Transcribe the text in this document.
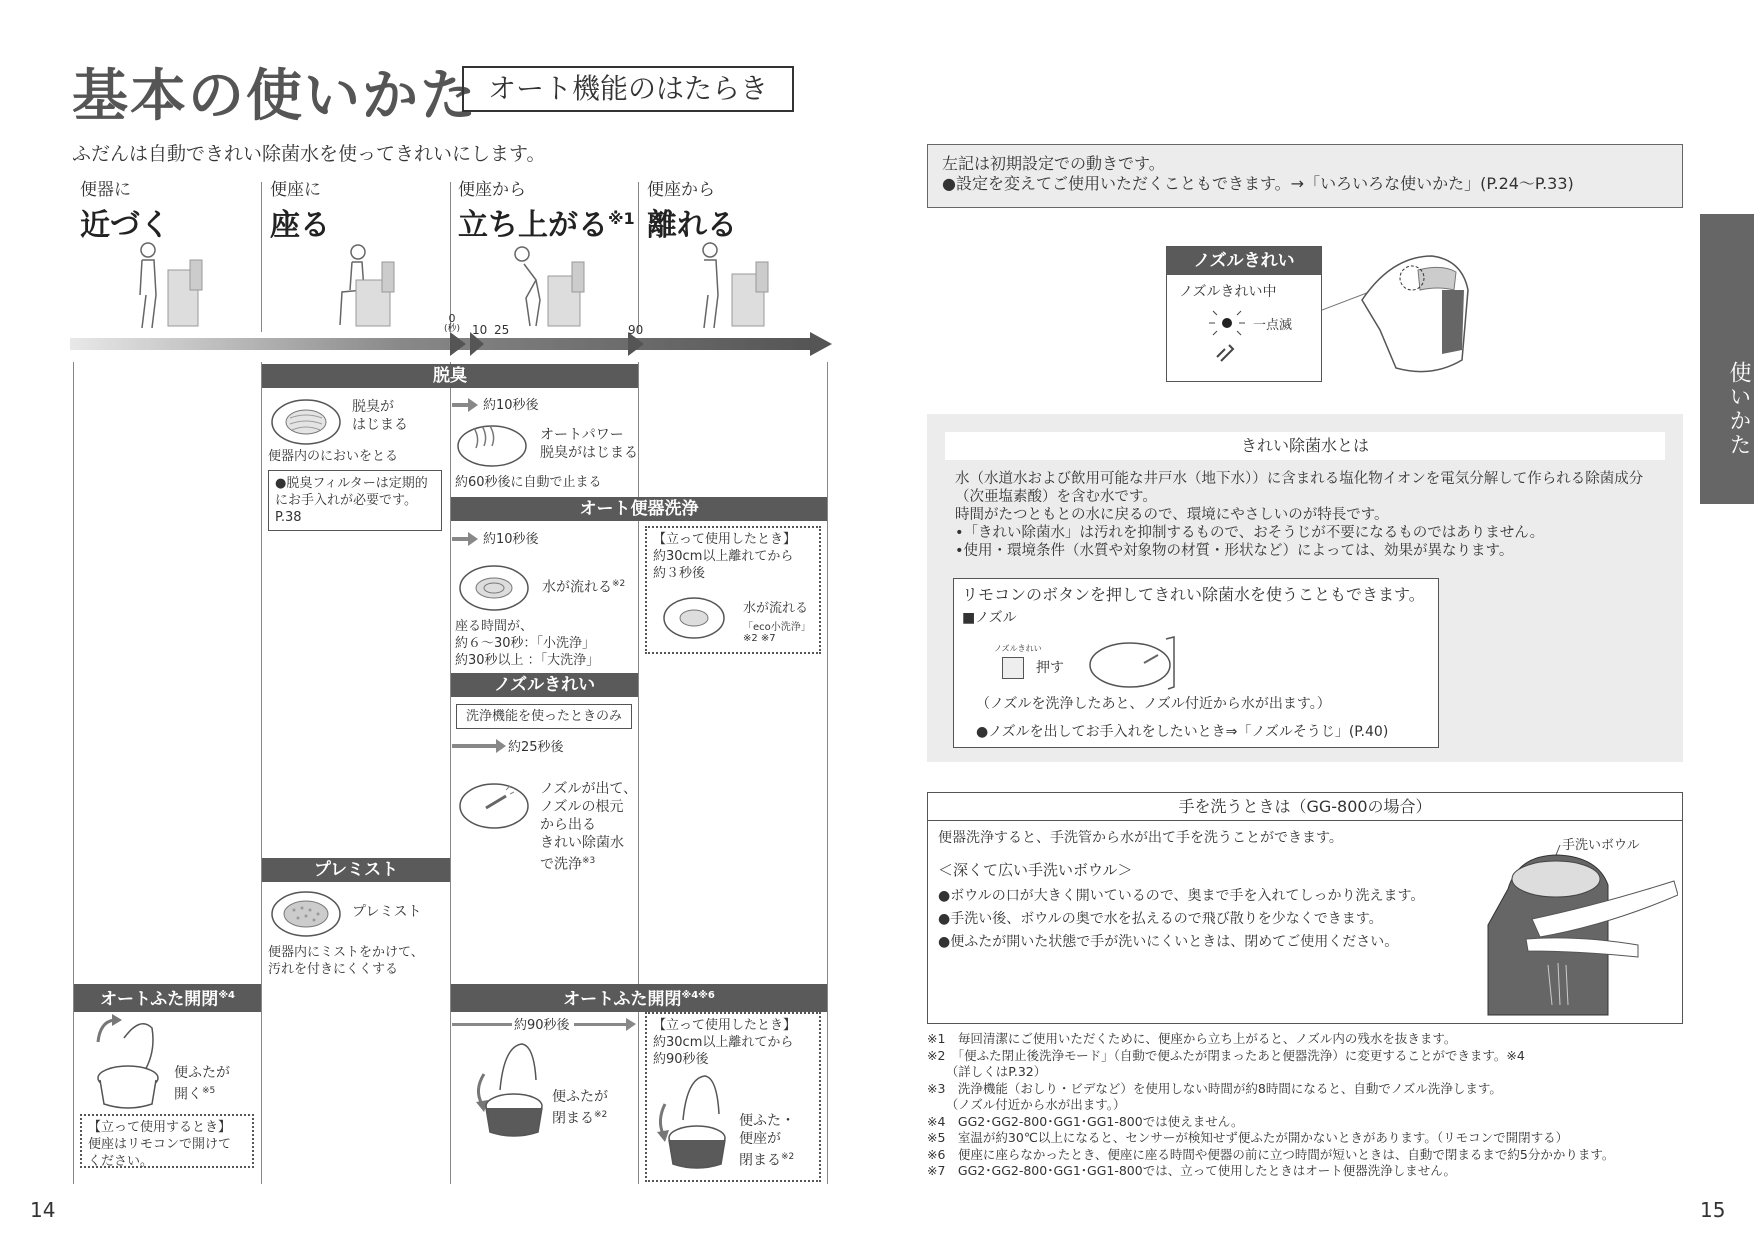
基本の使いかた オート機能のはたらき
ふだんは自動できれい除菌水を使ってきれいにします。
便器に
近づく
便座に
座る
便座から
立ち上がる$^{※1}$
便座から
離れる
0
(秒) 10 25	90
脱臭
脱臭が
はじまる
便器内のにおいをとる
●脱臭フィルターは定期的にお手入れが必要です。P.38
約10秒後
オートパワー
脱臭がはじまる
約60秒後に自動で止まる
オート便器洗浄
約10秒後
水が流れる$^{※2}$
座る時間が、
約６～30秒：「小洗浄」
約30秒以上 ：「大洗浄」
【立って使用したとき】
約30cm以上離れてから
約３秒後
水が流れる
「eco小洗浄」※2 ※7
ノズルきれい
洗浄機能を使ったときのみ
約25秒後

ノズルが出て、
ノズルの根元
から出る
きれい除菌水
で洗浄$^{※3}$

プレミスト
プレミスト
便器内にミストをかけて、
汚れを付きにくくする
オートふた開閉$^{※4}$

便ふたが
開く$^{※5}$

【立って使用するとき】
便座はリモコンで開けて
ください。
オートふた開閉$^{※4※6}$
約90秒後

便ふたが
閉まる$^{※2}$

【立って使用したとき】
約30cm以上離れてから
約90秒後

便ふた・
便座が
閉まる$^{※2}$

14
左記は初期設定での動きです。
●設定を変えてご使用いただくこともできます。→「いろいろな使いかた」(P.24～P.33)
使いかた
ノズルきれい
ノズルきれい中
一点滅
きれい除菌水とは
水（水道水および飲用可能な井戸水（地下水））に含まれる塩化物イオンを電気分解して作られる除菌成分（次亜塩素酸）を含む水です。
時間がたつともとの水に戻るので、環境にやさしいのが特長です。
•「きれい除菌水」は汚れを抑制するもので、おそうじが不要になるものではありません。
•使用・環境条件（水質や対象物の材質・形状など）によっては、効果が異なります。
リモコンのボタンを押してきれい除菌水を使うこともできます。
■ノズル
ノズルきれい
押す
（ノズルを洗浄したあと、ノズル付近から水が出ます。）
●ノズルを出してお手入れをしたいとき⇒「ノズルそうじ」(P.40)
手を洗うときは（GG-800の場合）
便器洗浄すると、手洗管から水が出て手を洗うことができます。
＜深くて広い手洗いボウル＞
●ボウルの口が大きく開いているので、奥まで手を入れてしっかり洗えます。
●手洗い後、ボウルの奥で水を払えるので飛び散りを少なくできます。
●便ふたが開いた状態で手が洗いにくいときは、閉めてご使用ください。
手洗いボウル
※1　毎回清潔にご使用いただくために、便座から立ち上がると、ノズル内の残水を抜きます。
※2　「便ふた閉止後洗浄モード」（自動で便ふたが閉まったあと便器洗浄）に変更することができます。※4
　　（詳しくはP.32）
※3　洗浄機能（おしり・ビデなど）を使用しない時間が約8時間になると、自動でノズル洗浄します。
　　（ノズル付近から水が出ます。）
※4　GG2･GG2-800･GG1･GG1-800では使えません。
※5　室温が約30℃以上になると、センサーが検知せず便ふたが開かないときがあります。（リモコンで開閉する）
※6　便座に座らなかったとき、便座に座る時間や便器の前に立つ時間が短いときは、自動で閉まるまで約5分かかります。
※7　GG2･GG2-800･GG1･GG1-800では、立って使用したときはオート便器洗浄しません。
15
